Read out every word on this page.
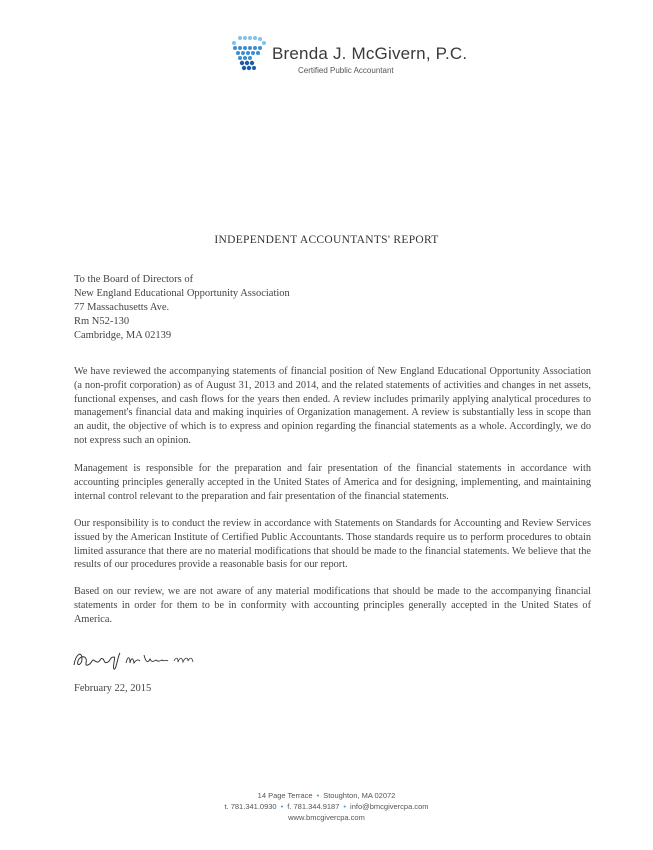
Brenda J. McGivern, P.C.
Certified Public Accountant
INDEPENDENT ACCOUNTANTS' REPORT
To the Board of Directors of
New England Educational Opportunity Association
77 Massachusetts Ave.
Rm N52-130
Cambridge, MA 02139
We have reviewed the accompanying statements of financial position of New England Educational Opportunity Association (a non-profit corporation) as of August 31, 2013 and 2014, and the related statements of activities and changes in net assets, functional expenses, and cash flows for the years then ended. A review includes primarily applying analytical procedures to management's financial data and making inquiries of Organization management. A review is substantially less in scope than an audit, the objective of which is to express and opinion regarding the financial statements as a whole. Accordingly, we do not express such an opinion.
Management is responsible for the preparation and fair presentation of the financial statements in accordance with accounting principles generally accepted in the United States of America and for designing, implementing, and maintaining internal control relevant to the preparation and fair presentation of the financial statements.
Our responsibility is to conduct the review in accordance with Statements on Standards for Accounting and Review Services issued by the American Institute of Certified Public Accountants. Those standards require us to perform procedures to obtain limited assurance that there are no material modifications that should be made to the financial statements. We believe that the results of our procedures provide a reasonable basis for our report.
Based on our review, we are not aware of any material modifications that should be made to the accompanying financial statements in order for them to be in conformity with accounting principles generally accepted in the United States of America.
February 22, 2015
14 Page Terrace • Stoughton, MA 02072
t. 781.341.0930 • f. 781.344.9187 • info@bmcgivercpa.com
www.bmcgivercpa.com
